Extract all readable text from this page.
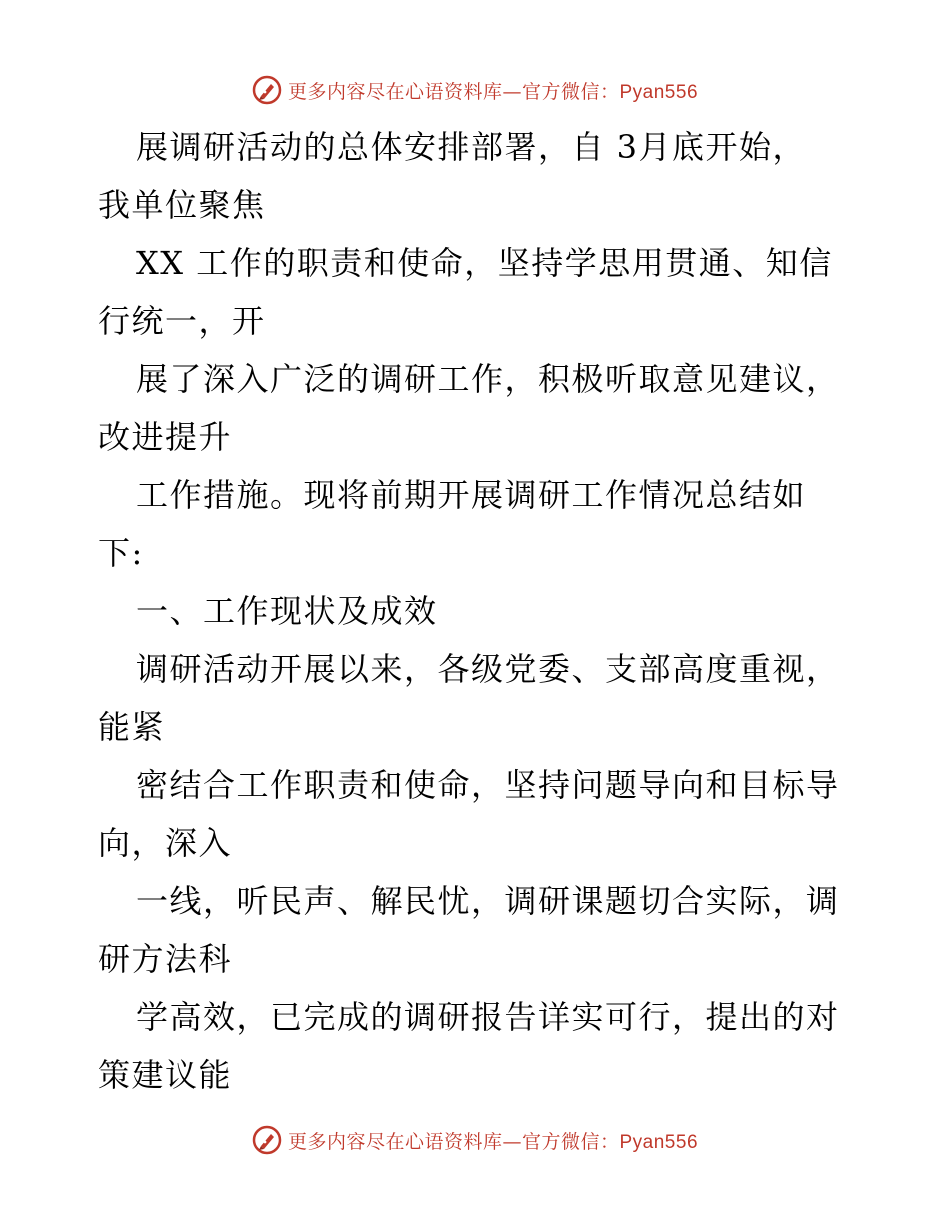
更多内容尽在心语资料库—官方微信：Pyan556
展调研活动的总体安排部署，自 3月底开始，
我单位聚焦
XX 工作的职责和使命，坚持学思用贯通、知信
行统一，开
展了深入广泛的调研工作，积极听取意见建议，
改进提升
工作措施。现将前期开展调研工作情况总结如
下:
一、工作现状及成效
调研活动开展以来，各级党委、支部高度重视，
能紧
密结合工作职责和使命，坚持问题导向和目标导
向，深入
一线，听民声、解民忧，调研课题切合实际，调
研方法科
学高效，已完成的调研报告详实可行，提出的对
策建议能
更多内容尽在心语资料库—官方微信：Pyan556
